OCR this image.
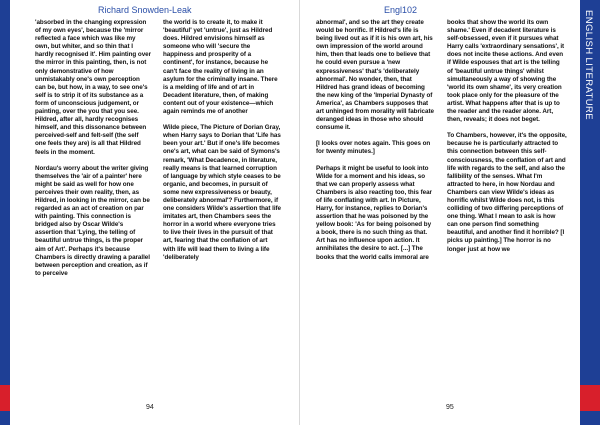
Richard Snowden-Leak	Engl102

'absorbed in the changing expression of my own eyes', because the 'mirror reflected a face which was like my own, but whiter, and so thin that I hardly recognised it'. Him painting over the mirror in this painting, then, is not only demonstrative of how unmistakably one's own perception can be, but how, in a way, to see one's self is to strip it of its substance as a form of unconscious judgement, or painting, over the you that you see. Hildred, after all, hardly recognises himself, and this dissonance between perceived-self and felt-self (the self one feels they are) is all that Hildred feels in the moment.

Nordau's worry about the writer giving themselves the 'air of a painter' here might be said as well for how one perceives their own reality, then, as Hildred, in looking in the mirror, can be regarded as an act of creation on par with painting. This connection is bridged also by Oscar Wilde's assertion that 'Lying, the telling of beautiful untrue things, is the proper aim of Art'. Perhaps it's because Chambers is directly drawing a parallel between perception and creation, as if to perceive

the world is to create it, to make it 'beautiful' yet 'untrue', just as Hildred does. Hildred envisions himself as someone who will 'secure the happiness and prosperity of a continent', for instance, because he can't face the reality of living in an asylum for the criminally insane. There is a melding of life and of art in Decadent literature, then, of making content out of your existence—which again reminds me of another

Wilde piece, The Picture of Dorian Gray, when Harry says to Dorian that 'Life has been your art.' But if one's life becomes one's art, what can be said of Symons's remark, 'What Decadence, in literature, really means is that learned corruption of language by which style ceases to be organic, and becomes, in pursuit of some new expressiveness or beauty, deliberately abnormal'? Furthermore, if one considers Wilde's assertion that life imitates art, then Chambers sees the horror in a world where everyone tries to live their lives in the pursuit of that art, fearing that the conflation of art with life will lead them to living a life 'deliberately

abnormal', and so the art they create would be horrific. If Hildred's life is being lived out as if it is his own art, his own impression of the world around him, then that leads one to believe that he could even pursue a 'new expressiveness' that's 'deliberately abnormal'. No wonder, then, that Hildred has grand ideas of becoming the new king of the 'Imperial Dynasty of America', as Chambers supposes that art unhinged from morality will fabricate deranged ideas in those who should consume it.

[I looks over notes again. This goes on for twenty minutes.]

Perhaps it might be useful to look into Wilde for a moment and his ideas, so that we can properly assess what Chambers is also reacting too, this fear of life conflating with art. In Picture, Harry, for instance, replies to Dorian's assertion that he was poisoned by the yellow book: 'As for being poisoned by a book, there is no such thing as that. Art has no influence upon action. It annihilates the desire to act. [...] The books that the world calls immoral are

books that show the world its own shame.' Even if decadent literature is self-obsessed, even if it pursues what Harry calls 'extraordinary sensations', it does not incite these actions. And even if Wilde espouses that art is the telling of 'beautiful untrue things' whilst simultaneously a way of showing the 'world its own shame', its very creation took place only for the pleasure of the artist. What happens after that is up to the reader and the reader alone. Art, then, reveals; it does not beget.

To Chambers, however, it's the opposite, because he is particularly attracted to this connection between this self-consciousness, the conflation of art and life with regards to the self, and also the fallibility of the senses. What I'm attracted to here, in how Nordau and Chambers can view Wilde's ideas as horrific whilst Wilde does not, is this colliding of two differing perceptions of one thing. What I mean to ask is how can one person find something beautiful, and another find it horrible? [I picks up painting.] The horror is no longer just at how we

94	95
ENGLISH LITERATURE
